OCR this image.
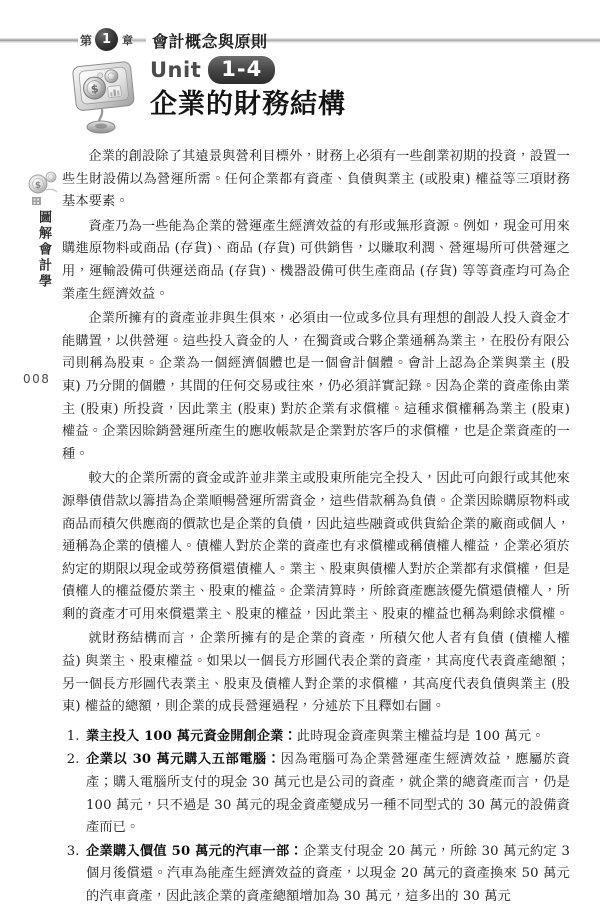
第 1 章 會計概念與原則
$
Unit 1-4
企業的財務結構
$
圖解會計學
008

企業的創設除了其遠景與營利目標外，財務上必須有一些創業初期的投資，設置一些生財設備以為營運所需。任何企業都有資產、負債與業主 (或股東) 權益等三項財務基本要素。

資產乃為一些能為企業的營運產生經濟效益的有形或無形資源。例如，現金可用來購進原物料或商品 (存貨)、商品 (存貨) 可供銷售，以賺取利潤、營運場所可供營運之用，運輸設備可供運送商品 (存貨)、機器設備可供生產商品 (存貨) 等等資產均可為企業產生經濟效益。

企業所擁有的資產並非與生俱來，必須由一位或多位具有理想的創設人投入資金才能購置，以供營運。這些投入資金的人，在獨資或合夥企業通稱為業主，在股份有限公司則稱為股東。企業為一個經濟個體也是一個會計個體。會計上認為企業與業主 (股東) 乃分開的個體，其間的任何交易或往來，仍必須詳實記錄。因為企業的資產係由業主 (股東) 所投資，因此業主 (股東) 對於企業有求償權。這種求償權稱為業主 (股東) 權益。企業因賒銷營運所產生的應收帳款是企業對於客戶的求償權，也是企業資產的一種。

較大的企業所需的資金或許並非業主或股東所能完全投入，因此可向銀行或其他來源舉債借款以籌措為企業順暢營運所需資金，這些借款稱為負債。企業因賒購原物料或商品而積欠供應商的價款也是企業的負債，因此這些融資或供貨給企業的廠商或個人，通稱為企業的債權人。債權人對於企業的資產也有求償權或稱債權人權益，企業必須於約定的期限以現金或勞務償還債權人。業主、股東與債權人對於企業都有求償權，但是債權人的權益優於業主、股東的權益。企業清算時，所餘資產應該優先償還債權人，所剩的資產才可用來償還業主、股東的權益，因此業主、股東的權益也稱為剩餘求償權。

就財務結構而言，企業所擁有的是企業的資產，所積欠他人者有負債 (債權人權益) 與業主、股東權益。如果以一個長方形圖代表企業的資產，其高度代表資產總額；另一個長方形圖代表業主、股東及債權人對企業的求償權，其高度代表負債與業主 (股東) 權益的總額，則企業的成長營運過程，分述於下且釋如右圖。

1. 業主投入 100 萬元資金開創企業：此時現金資產與業主權益均是 100 萬元。
2. 企業以 30 萬元購入五部電腦：因為電腦可為企業營運產生經濟效益，應屬於資產；購入電腦所支付的現金 30 萬元也是公司的資產，就企業的總資產而言，仍是 100 萬元，只不過是 30 萬元的現金資產變成另一種不同型式的 30 萬元的設備資產而已。
3. 企業購入價值 50 萬元的汽車一部：企業支付現金 20 萬元，所餘 30 萬元約定 3 個月後償還。汽車為能產生經濟效益的資產，以現金 20 萬元的資產換來 50 萬元的汽車資產，因此該企業的資產總額增加為 30 萬元，這多出的 30 萬元
